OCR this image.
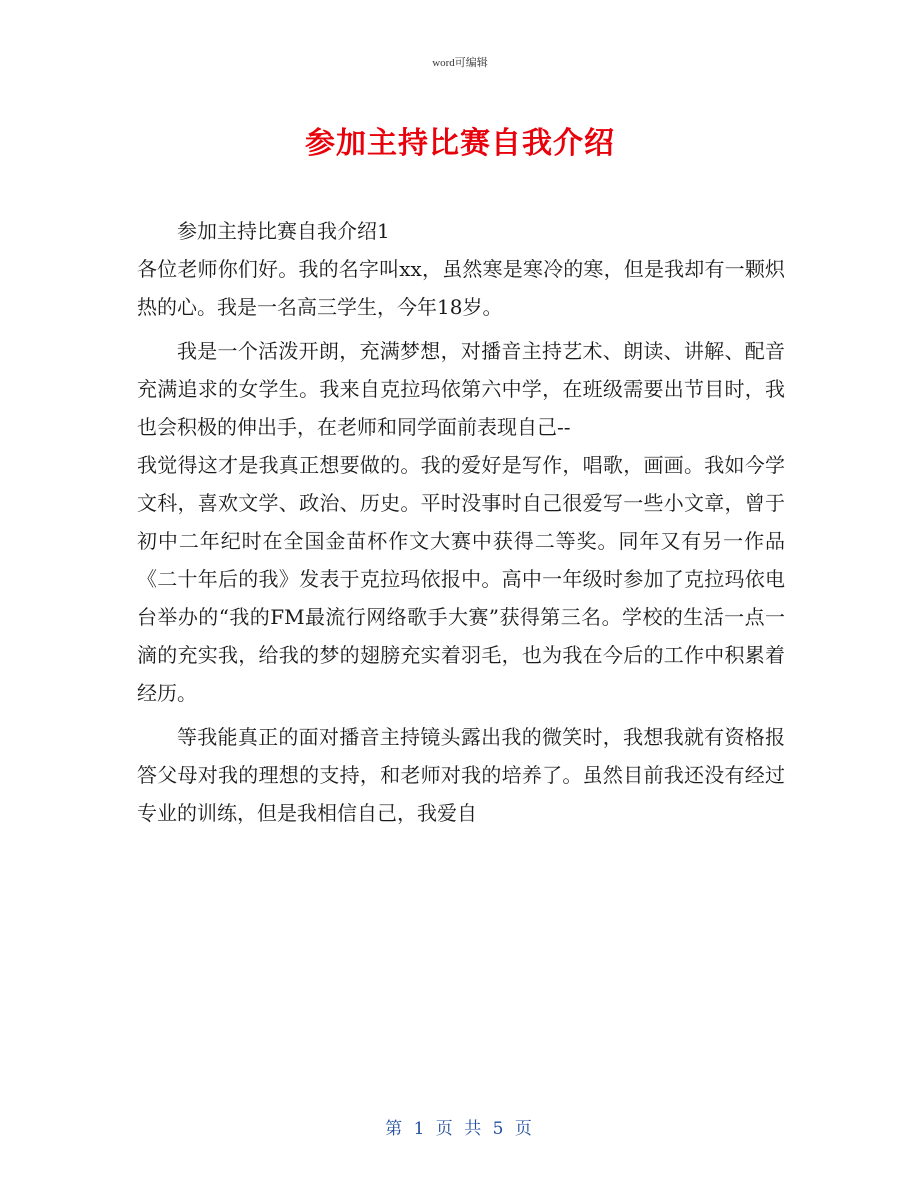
word可编辑
参加主持比赛自我介绍

参加主持比赛自我介绍1

各位老师你们好。我的名字叫xx，虽然寒是寒冷的寒，但是我却有一颗炽热的心。我是一名高三学生，今年18岁。

我是一个活泼开朗，充满梦想，对播音主持艺术、朗读、讲解、配音充满追求的女学生。我来自克拉玛依第六中学，在班级需要出节目时，我也会积极的伸出手，在老师和同学面前表现自己--

我觉得这才是我真正想要做的。我的爱好是写作，唱歌，画画。我如今学文科，喜欢文学、政治、历史。平时没事时自己很爱写一些小文章，曾于初中二年纪时在全国金苗杯作文大赛中获得二等奖。同年又有另一作品《二十年后的我》发表于克拉玛依报中。高中一年级时参加了克拉玛依电台举办的“我的FM最流行网络歌手大赛”获得第三名。学校的生活一点一滴的充实我，给我的梦的翅膀充实着羽毛，也为我在今后的工作中积累着经历。

等我能真正的面对播音主持镜头露出我的微笑时，我想我就有资格报答父母对我的理想的支持，和老师对我的培养了。虽然目前我还没有经过专业的训练，但是我相信自己，我爱自

第 1 页 共 5 页
